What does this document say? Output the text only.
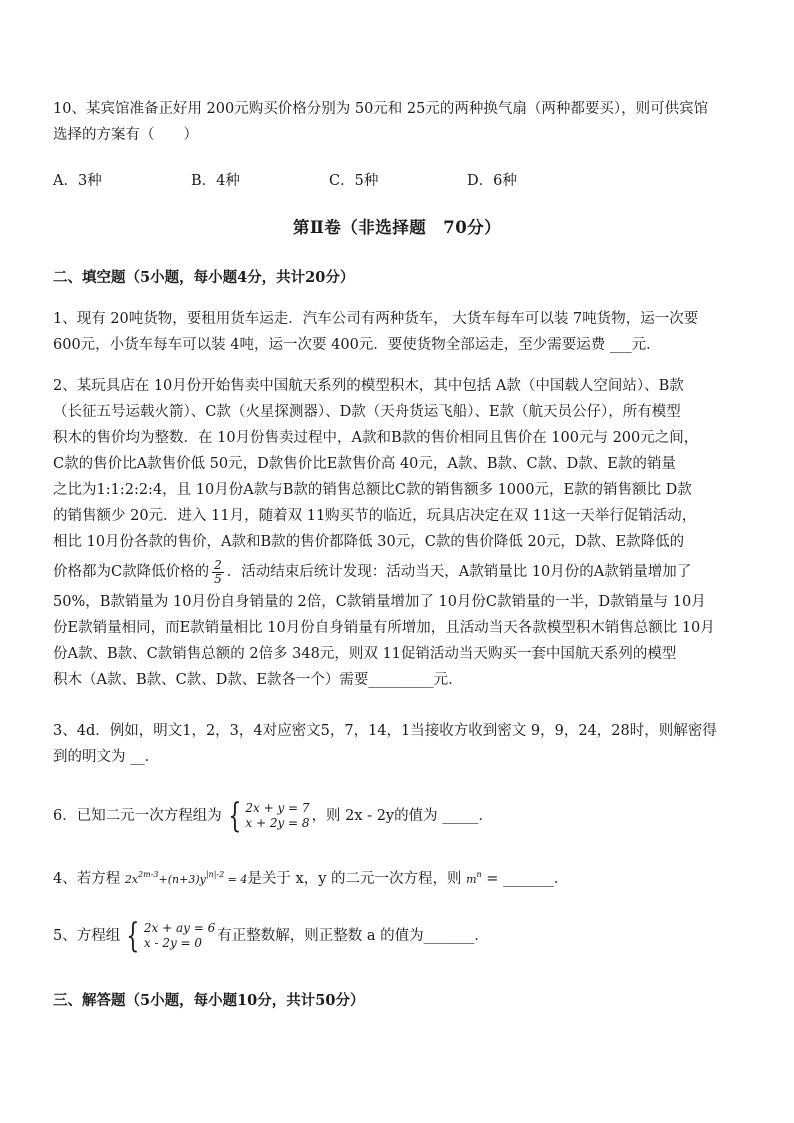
10、某宾馆准备正好用 200元购买价格分别为 50元和 25元的两种换气扇（两种都要买），则可供宾馆
选择的方案有（　　）
A．3种	B．4种	C．5种	D．6种
第Ⅱ卷（非选择题　70分）
二、填空题（5小题，每小题4分，共计20分）
1、现有 20吨货物，要租用货车运走．汽车公司有两种货车， 大货车每车可以装 7吨货物，运一次要
600元，小货车每车可以装 4吨，运一次要 400元．要使货物全部运走，至少需要运费 ___元．
2、某玩具店在 10月份开始售卖中国航天系列的模型积木，其中包括 A款（中国载人空间站）、B款
（长征五号运载火箭）、C款（火星探测器）、D款（天舟货运飞船）、E款（航天员公仔），所有模型
积木的售价均为整数．在 10月份售卖过程中，A款和B款的售价相同且售价在 100元与 200元之间，
C款的售价比A款售价低 50元，D款售价比E款售价高 40元，A款、B款、C款、D款、E款的销量
之比为1:1:2:2:4，且 10月份A款与B款的销售总额比C款的销售额多 1000元，E款的销售额比 D款
的销售额少 20元．进入 11月，随着双 11购买节的临近，玩具店决定在双 11这一天举行促销活动，
相比 10月份各款的售价，A款和B款的售价都降低 30元，C款的售价降低 20元，D款、E款降低的
价格都为C款降低价格的 $\frac{2}{5}$ ．活动结束后统计发现：活动当天，A款销量比 10月份的A款销量增加了
50%，B款销量为 10月份自身销量的 2倍，C款销量增加了 10月份C款销量的一半，D款销量与 10月
份E款销量相同，而E款销量相比 10月份自身销量有所增加，且活动当天各款模型积木销售总额比 10月
份A款、B款、C款销售总额的 2倍多 348元，则双 11促销活动当天购买一套中国航天系列的模型
积木（A款、B款、C款、D款、E款各一个）需要_________元．
3、4d．例如，明文1，2，3，4对应密文5，7，14，1当接收方收到密文 9，9，24，28时，则解密得
到的明文为 __．
6．已知二元一次方程组为 { 2x + y = 7
x + 2y = 8 ，则 2x - 2y的值为 _____．
4、若方程 $2x^{2m-3}+(n+3)y^{|n|-2} = 4$是关于 x，y 的二元一次方程，则 $m^n$ = _______．
5、方程组 { 2x + ay = 6
x - 2y = 0	有正整数解，则正整数 a 的值为_______．
三、解答题（5小题，每小题10分，共计50分）
